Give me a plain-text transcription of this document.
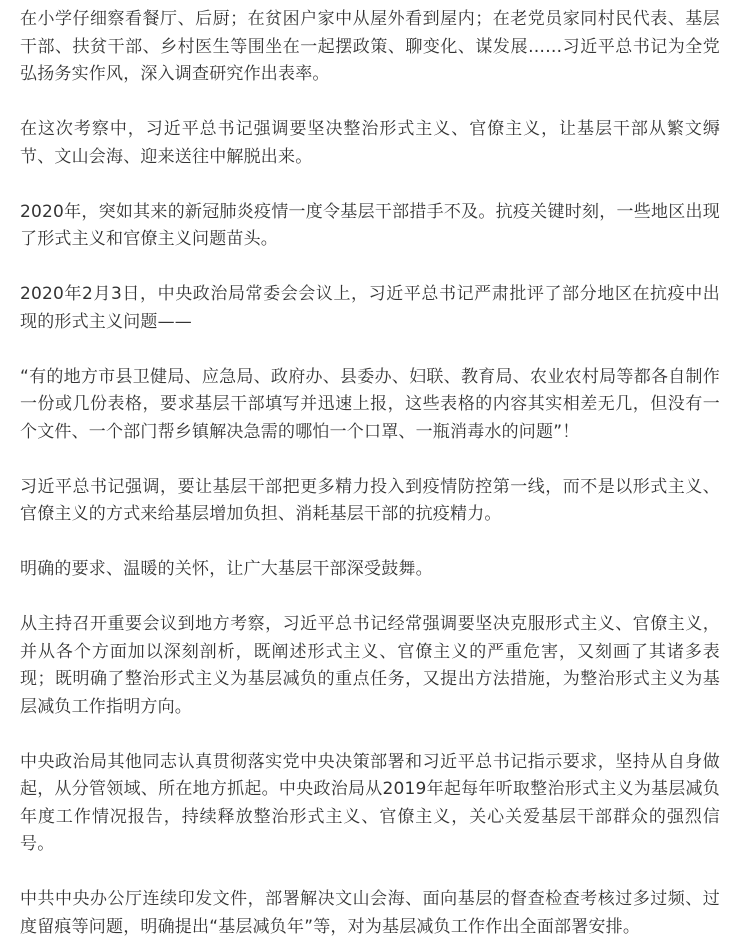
在小学仔细察看餐厅、后厨；在贫困户家中从屋外看到屋内；在老党员家同村民代表、基层干部、扶贫干部、乡村医生等围坐在一起摆政策、聊变化、谋发展……习近平总书记为全党弘扬务实作风，深入调查研究作出表率。

在这次考察中，习近平总书记强调要坚决整治形式主义、官僚主义，让基层干部从繁文缛节、文山会海、迎来送往中解脱出来。

2020年，突如其来的新冠肺炎疫情一度令基层干部措手不及。抗疫关键时刻，一些地区出现了形式主义和官僚主义问题苗头。

2020年2月3日，中央政治局常委会会议上，习近平总书记严肃批评了部分地区在抗疫中出现的形式主义问题——

“有的地方市县卫健局、应急局、政府办、县委办、妇联、教育局、农业农村局等都各自制作一份或几份表格，要求基层干部填写并迅速上报，这些表格的内容其实相差无几，但没有一个文件、一个部门帮乡镇解决急需的哪怕一个口罩、一瓶消毒水的问题”！

习近平总书记强调，要让基层干部把更多精力投入到疫情防控第一线，而不是以形式主义、官僚主义的方式来给基层增加负担、消耗基层干部的抗疫精力。

明确的要求、温暖的关怀，让广大基层干部深受鼓舞。

从主持召开重要会议到地方考察，习近平总书记经常强调要坚决克服形式主义、官僚主义，并从各个方面加以深刻剖析，既阐述形式主义、官僚主义的严重危害，又刻画了其诸多表现；既明确了整治形式主义为基层减负的重点任务，又提出方法措施，为整治形式主义为基层减负工作指明方向。

中央政治局其他同志认真贯彻落实党中央决策部署和习近平总书记指示要求，坚持从自身做起，从分管领域、所在地方抓起。中央政治局从2019年起每年听取整治形式主义为基层减负年度工作情况报告，持续释放整治形式主义、官僚主义，关心关爱基层干部群众的强烈信号。

中共中央办公厅连续印发文件，部署解决文山会海、面向基层的督查检查考核过多过频、过度留痕等问题，明确提出“基层减负年”等，对为基层减负工作作出全面部署安排。
